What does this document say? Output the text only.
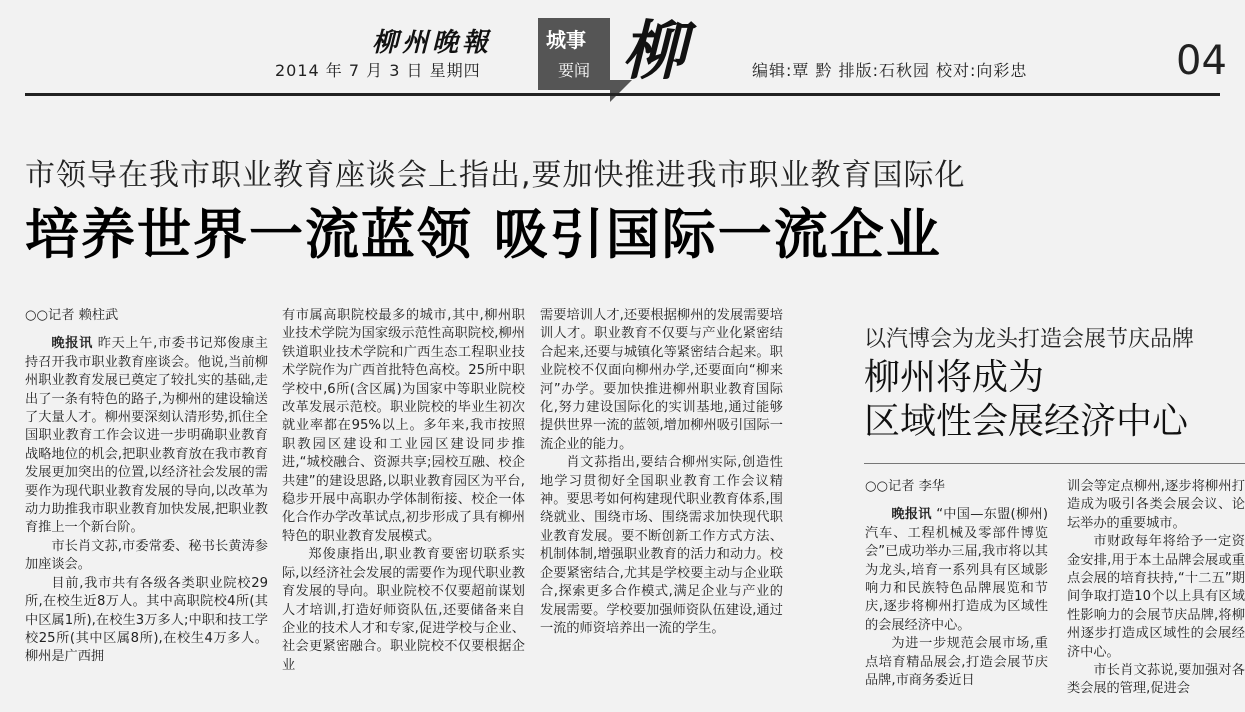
柳州晚報
2014 年 7 月 3 日 星期四
城事
要闻 柳	编辑:覃 黔 排版:石秋园 校对:向彩忠	04
市领导在我市职业教育座谈会上指出,要加快推进我市职业教育国际化
培养世界一流蓝领 吸引国际一流企业

○○记者 赖柱武

晚报讯 昨天上午,市委书记郑俊康主持召开我市职业教育座谈会。他说,当前柳州职业教育发展已奠定了较扎实的基础,走出了一条有特色的路子,为柳州的建设输送了大量人才。柳州要深刻认清形势,抓住全国职业教育工作会议进一步明确职业教育战略地位的机会,把职业教育放在我市教育发展更加突出的位置,以经济社会发展的需要作为现代职业教育发展的导向,以改革为动力助推我市职业教育加快发展,把职业教育推上一个新台阶。

市长肖文荪,市委常委、秘书长黄涛参加座谈会。

目前,我市共有各级各类职业院校29所,在校生近8万人。其中高职院校4所(其中区属1所),在校生3万多人;中职和技工学校25所(其中区属8所),在校生4万多人。柳州是广西拥

有市属高职院校最多的城市,其中,柳州职业技术学院为国家级示范性高职院校,柳州铁道职业技术学院和广西生态工程职业技术学院作为广西首批特色高校。25所中职学校中,6所(含区属)为国家中等职业院校改革发展示范校。职业院校的毕业生初次就业率都在95%以上。多年来,我市按照职教园区建设和工业园区建设同步推进,“城校融合、资源共享;园校互融、校企共建”的建设思路,以职业教育园区为平台,稳步开展中高职办学体制衔接、校企一体化合作办学改革试点,初步形成了具有柳州特色的职业教育发展模式。

郑俊康指出,职业教育要密切联系实际,以经济社会发展的需要作为现代职业教育发展的导向。职业院校不仅要超前谋划人才培训,打造好师资队伍,还要储备来自企业的技术人才和专家,促进学校与企业、社会更紧密融合。职业院校不仅要根据企业

需要培训人才,还要根据柳州的发展需要培训人才。职业教育不仅要与产业化紧密结合起来,还要与城镇化等紧密结合起来。职业院校不仅面向柳州办学,还要面向“柳来河”办学。要加快推进柳州职业教育国际化,努力建设国际化的实训基地,通过能够提供世界一流的蓝领,增加柳州吸引国际一流企业的能力。

肖文荪指出,要结合柳州实际,创造性地学习贯彻好全国职业教育工作会议精神。要思考如何构建现代职业教育体系,围绕就业、围绕市场、围绕需求加快现代职业教育发展。要不断创新工作方式方法、机制体制,增强职业教育的活力和动力。校企要紧密结合,尤其是学校要主动与企业联合,探索更多合作模式,满足企业与产业的发展需要。学校要加强师资队伍建设,通过一流的师资培养出一流的学生。

以汽博会为龙头打造会展节庆品牌
柳州将成为
区域性会展经济中心

○○记者 李华

晚报讯 “中国—东盟(柳州)汽车、工程机械及零部件博览会”已成功举办三届,我市将以其为龙头,培育一系列具有区域影响力和民族特色品牌展览和节庆,逐步将柳州打造成为区域性的会展经济中心。

为进一步规范会展市场,重点培育精品展会,打造会展节庆品牌,市商务委近日

训会等定点柳州,逐步将柳州打造成为吸引各类会展会议、论坛举办的重要城市。

市财政每年将给予一定资金安排,用于本土品牌会展或重点会展的培育扶持,“十二五”期间争取打造10个以上具有区域性影响力的会展节庆品牌,将柳州逐步打造成区域性的会展经济中心。

市长肖文荪说,要加强对各类会展的管理,促进会
